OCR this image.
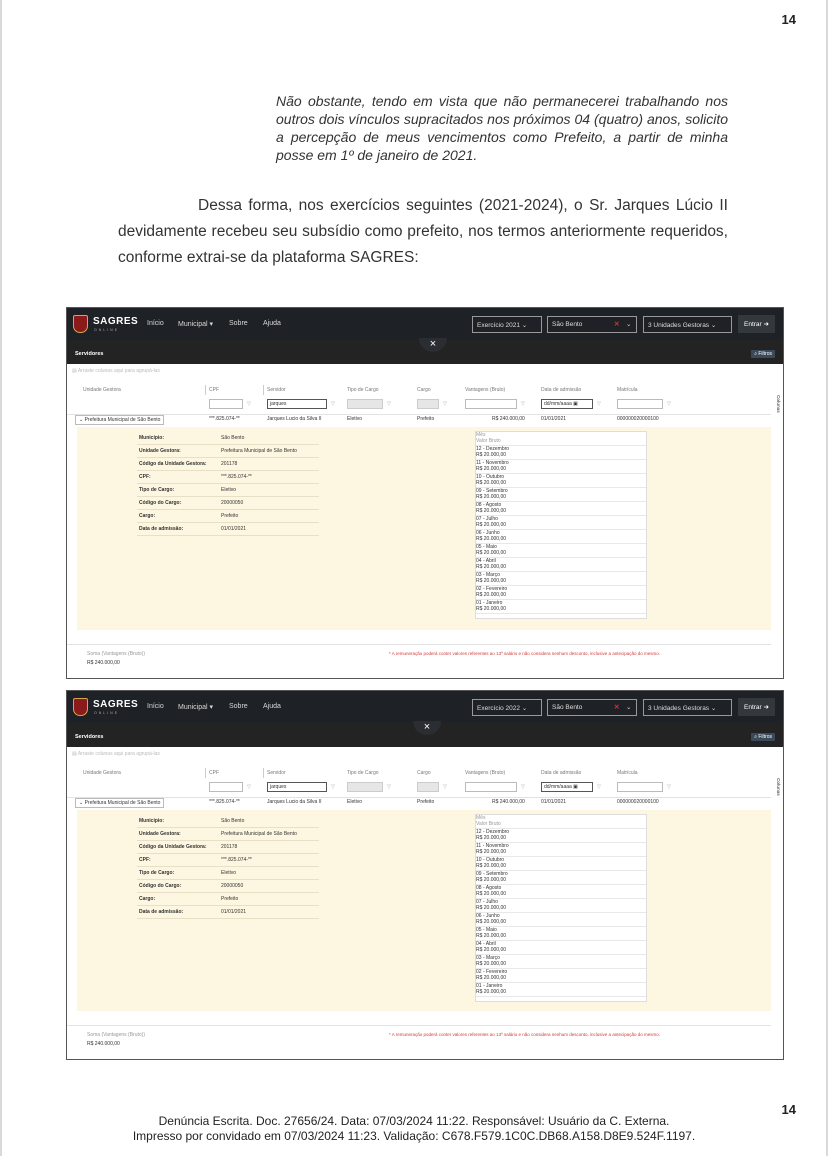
14
Não obstante, tendo em vista que não permanecerei trabalhando nos outros dois vínculos supracitados nos próximos 04 (quatro) anos, solicito a percepção de meus vencimentos como Prefeito, a partir de minha posse em 1º de janeiro de 2021.
Dessa forma, nos exercícios seguintes (2021-2024), o Sr. Jarques Lúcio II devidamente recebeu seu subsídio como prefeito, nos termos anteriormente requeridos, conforme extrai-se da plataforma SAGRES:
SAGRES
ONLINE
Início Municipal ▾ Sobre Ajuda	Exercício 2021 ⌄	São Bento	✕ ⌄	3 Unidades Gestoras ⌄	Entrar ➜
Servidores	⌕ Filtros
×
▤ Arraste colunas aqui para agrupá-las
Unidade Gestora	CPF	Servidor	Tipo de Cargo	Cargo	Vantagens (Bruto)	Data de admissão	Matrícula
▽	jarques	▽	▽	▽	▽	dd/mm/aaaa ▣	▽	▽	Colunas
⌄ Prefeitura Municipal de São Bento	***.825.074-**	Jarques Lucio da Silva II	Eletivo	Prefeito	R$ 240.000,00	01/01/2021	000000020000100
Município:	São Bento
Unidade Gestora:	Prefeitura Municipal de São Bento
Código da Unidade Gestora:	201178
CPF:	***.825.074-**
Tipo de Cargo:	Eletivo
Código do Cargo:	20000050
Cargo:	Prefeito
Data de admissão:	01/01/2021
Mês
Valor Bruto
12 - Dezembro
R$ 20.000,00
11 - Novembro
R$ 20.000,00
10 - Outubro
R$ 20.000,00
09 - Setembro
R$ 20.000,00
08 - Agosto
R$ 20.000,00
07 - Julho
R$ 20.000,00
06 - Junho
R$ 20.000,00
05 - Maio
R$ 20.000,00
04 - Abril
R$ 20.000,00
03 - Março
R$ 20.000,00
02 - Fevereiro
R$ 20.000,00
01 - Janeiro
R$ 20.000,00
Soma (Vantagens (Bruto))
R$ 240.000,00
* A remuneração poderá conter valores referentes ao 13º salário e não considera nenhum desconto, inclusive a antecipação do mesmo.
SAGRES
ONLINE
Início Municipal ▾ Sobre Ajuda	Exercício 2022 ⌄	São Bento	✕ ⌄	3 Unidades Gestoras ⌄	Entrar ➜
Servidores	⌕ Filtros
×
▤ Arraste colunas aqui para agrupá-las
Unidade Gestora	CPF	Servidor	Tipo de Cargo	Cargo	Vantagens (Bruto)	Data de admissão	Matrícula
▽	jarques	▽	▽	▽	▽	dd/mm/aaaa ▣	▽	▽	Colunas
⌄ Prefeitura Municipal de São Bento	***.825.074-**	Jarques Lucio da Silva II	Eletivo	Prefeito	R$ 240.000,00	01/01/2021	000000020000100
Município:	São Bento
Unidade Gestora:	Prefeitura Municipal de São Bento
Código da Unidade Gestora:	201178
CPF:	***.825.074-**
Tipo de Cargo:	Eletivo
Código do Cargo:	20000050
Cargo:	Prefeito
Data de admissão:	01/01/2021
Mês
Valor Bruto
12 - Dezembro
R$ 20.000,00
11 - Novembro
R$ 20.000,00
10 - Outubro
R$ 20.000,00
09 - Setembro
R$ 20.000,00
08 - Agosto
R$ 20.000,00
07 - Julho
R$ 20.000,00
06 - Junho
R$ 20.000,00
05 - Maio
R$ 20.000,00
04 - Abril
R$ 20.000,00
03 - Março
R$ 20.000,00
02 - Fevereiro
R$ 20.000,00
01 - Janeiro
R$ 20.000,00
Soma (Vantagens (Bruto))
R$ 240.000,00
* A remuneração poderá conter valores referentes ao 13º salário e não considera nenhum desconto, inclusive a antecipação do mesmo.
14
Denúncia Escrita. Doc. 27656/24. Data: 07/03/2024 11:22. Responsável: Usuário da C. Externa.
Impresso por convidado em 07/03/2024 11:23. Validação: C678.F579.1C0C.DB68.A158.D8E9.524F.1197.
